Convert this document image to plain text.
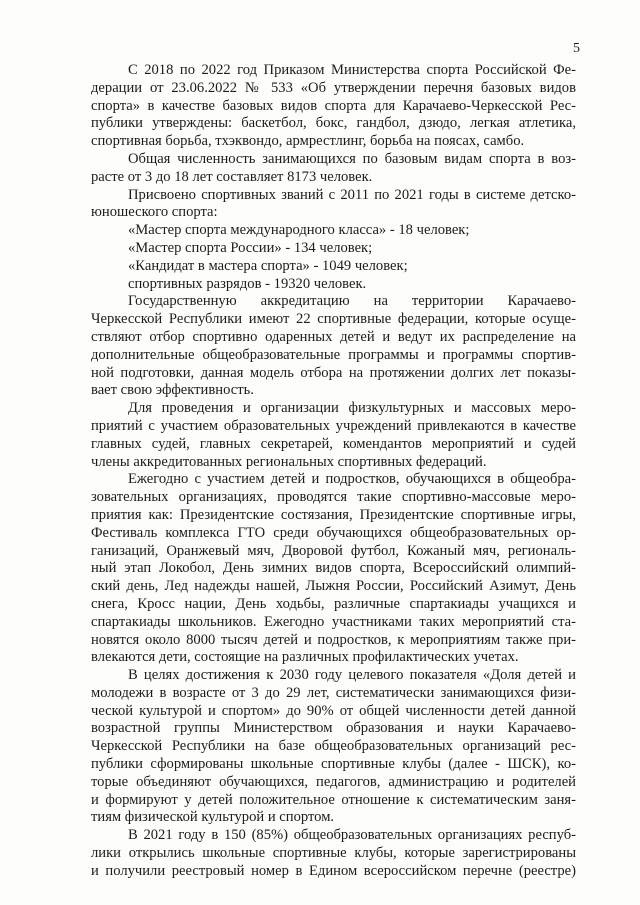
5
С 2018 по 2022 год Приказом Министерства спорта Российской Фе-
дерации от 23.06.2022 № 533 «Об утверждении перечня базовых видов
спорта» в качестве базовых видов спорта для Карачаево-Черкесской Рес-
публики утверждены: баскетбол, бокс, гандбол, дзюдо, легкая атлетика,
спортивная борьба, тхэквондо, армрестлинг, борьба на поясах, самбо.
Общая численность занимающихся по базовым видам спорта в воз-
расте от 3 до 18 лет составляет 8173 человек.
Присвоено спортивных званий с 2011 по 2021 годы в системе детско-
юношеского спорта:
«Мастер спорта международного класса» - 18 человек;
«Мастер спорта России» - 134 человек;
«Кандидат в мастера спорта» - 1049 человек;
спортивных разрядов - 19320 человек.
Государственную аккредитацию на территории Карачаево-
Черкесской Республики имеют 22 спортивные федерации, которые осуще-
ствляют отбор спортивно одаренных детей и ведут их распределение на
дополнительные общеобразовательные программы и программы спортив-
ной подготовки, данная модель отбора на протяжении долгих лет показы-
вает свою эффективность.
Для проведения и организации физкультурных и массовых меро-
приятий с участием образовательных учреждений привлекаются в качестве
главных судей, главных секретарей, комендантов мероприятий и судей
члены аккредитованных региональных спортивных федераций.
Ежегодно с участием детей и подростков, обучающихся в общеобра-
зовательных организациях, проводятся такие спортивно-массовые меро-
приятия как: Президентские состязания, Президентские спортивные игры,
Фестиваль комплекса ГТО среди обучающихся общеобразовательных ор-
ганизаций, Оранжевый мяч, Дворовой футбол, Кожаный мяч, региональ-
ный этап Локобол, День зимних видов спорта, Всероссийский олимпий-
ский день, Лед надежды нашей, Лыжня России, Российский Азимут, День
снега, Кросс нации, День ходьбы, различные спартакиады учащихся и
спартакиады школьников. Ежегодно участниками таких мероприятий ста-
новятся около 8000 тысяч детей и подростков, к мероприятиям также при-
влекаются дети, состоящие на различных профилактических учетах.
В целях достижения к 2030 году целевого показателя «Доля детей и
молодежи в возрасте от 3 до 29 лет, систематически занимающихся физи-
ческой культурой и спортом» до 90% от общей численности детей данной
возрастной группы Министерством образования и науки Карачаево-
Черкесской Республики на базе общеобразовательных организаций рес-
публики сформированы школьные спортивные клубы (далее - ШСК), ко-
торые объединяют обучающихся, педагогов, администрацию и родителей
и формируют у детей положительное отношение к систематическим заня-
тиям физической культурой и спортом.
В 2021 году в 150 (85%) общеобразовательных организациях респуб-
лики открылись школьные спортивные клубы, которые зарегистрированы
и получили реестровый номер в Едином всероссийском перечне (реестре)
